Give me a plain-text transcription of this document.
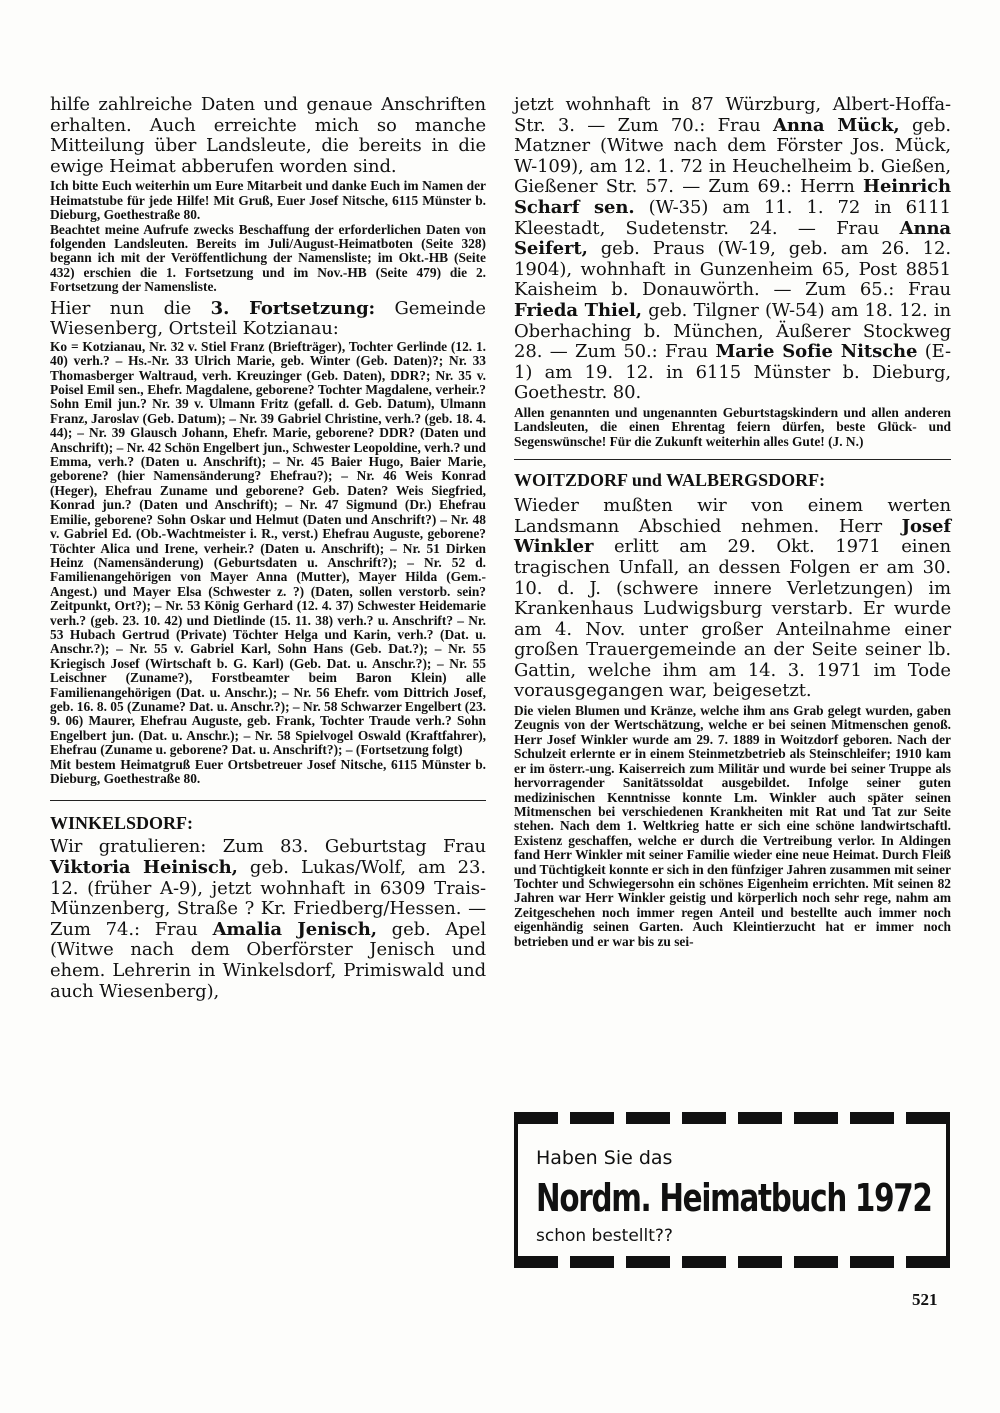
hilfe zahlreiche Daten und genaue Anschriften erhalten. Auch erreichte mich so manche Mitteilung über Landsleute, die bereits in die ewige Heimat abberufen worden sind.

Ich bitte Euch weiterhin um Eure Mitarbeit und danke Euch im Namen der Heimatstube für jede Hilfe! Mit Gruß, Euer Josef Nitsche, 6115 Münster b. Dieburg, Goethestraße 80.

Beachtet meine Aufrufe zwecks Beschaffung der erforderlichen Daten von folgenden Landsleuten. Bereits im Juli/August-Heimatboten (Seite 328) begann ich mit der Veröffentlichung der Namensliste; im Okt.-HB (Seite 432) erschien die 1. Fortsetzung und im Nov.-HB (Seite 479) die 2. Fortsetzung der Namensliste.

Hier nun die 3. Fortsetzung: Gemeinde Wiesenberg, Ortsteil Kotzianau:

Ko = Kotzianau, Nr. 32 v. Stiel Franz (Briefträger), Tochter Gerlinde (12. 1. 40) verh.? – Hs.-Nr. 33 Ulrich Marie, geb. Winter (Geb. Daten)?; Nr. 33 Thomasberger Waltraud, verh. Kreuzinger (Geb. Daten), DDR?; Nr. 35 v. Poisel Emil sen., Ehefr. Magdalene, geborene? Tochter Magdalene, verheir.? Sohn Emil jun.? Nr. 39 v. Ulmann Fritz (gefall. d. Geb. Datum), Ulmann Franz, Jaroslav (Geb. Datum); – Nr. 39 Gabriel Christine, verh.? (geb. 18. 4. 44); – Nr. 39 Glausch Johann, Ehefr. Marie, geborene? DDR? (Daten und Anschrift); – Nr. 42 Schön Engelbert jun., Schwester Leopoldine, verh.? und Emma, verh.? (Daten u. Anschrift); – Nr. 45 Baier Hugo, Baier Marie, geborene? (hier Namensänderung? Ehefrau?); – Nr. 46 Weis Konrad (Heger), Ehefrau Zuname und geborene? Geb. Daten? Weis Siegfried, Konrad jun.? (Daten und Anschrift); – Nr. 47 Sigmund (Dr.) Ehefrau Emilie, geborene? Sohn Oskar und Helmut (Daten und Anschrift?) – Nr. 48 v. Gabriel Ed. (Ob.-Wachtmeister i. R., verst.) Ehefrau Auguste, geborene? Töchter Alica und Irene, verheir.? (Daten u. Anschrift); – Nr. 51 Dirken Heinz (Namensänderung) (Geburtsdaten u. Anschrift?); – Nr. 52 d. Familienangehörigen von Mayer Anna (Mutter), Mayer Hilda (Gem.-Angest.) und Mayer Elsa (Schwester z. ?) (Daten, sollen verstorb. sein? Zeitpunkt, Ort?); – Nr. 53 König Gerhard (12. 4. 37) Schwester Heidemarie verh.? (geb. 23. 10. 42) und Dietlinde (15. 11. 38) verh.? u. Anschrift? – Nr. 53 Hubach Gertrud (Private) Töchter Helga und Karin, verh.? (Dat. u. Anschr.?); – Nr. 55 v. Gabriel Karl, Sohn Hans (Geb. Dat.?); – Nr. 55 Kriegisch Josef (Wirtschaft b. G. Karl) (Geb. Dat. u. Anschr.?); – Nr. 55 Leischner (Zuname?), Forstbeamter beim Baron Klein) alle Familienangehörigen (Dat. u. Anschr.); – Nr. 56 Ehefr. vom Dittrich Josef, geb. 16. 8. 05 (Zuname? Dat. u. Anschr.?); – Nr. 58 Schwarzer Engelbert (23. 9. 06) Maurer, Ehefrau Auguste, geb. Frank, Tochter Traude verh.? Sohn Engelbert jun. (Dat. u. Anschr.); – Nr. 58 Spielvogel Oswald (Kraftfahrer), Ehefrau (Zuname u. geborene? Dat. u. Anschrift?); – (Fortsetzung folgt)

Mit bestem Heimatgruß Euer Ortsbetreuer Josef Nitsche, 6115 Münster b. Dieburg, Goethestraße 80.

WINKELSDORF:

Wir gratulieren: Zum 83. Geburtstag Frau Viktoria Heinisch, geb. Lukas/Wolf, am 23. 12. (früher A-9), jetzt wohnhaft in 6309 Trais-Münzenberg, Straße ? Kr. Friedberg/Hessen. — Zum 74.: Frau Amalia Jenisch, geb. Apel (Witwe nach dem Oberförster Jenisch und ehem. Lehrerin in Winkelsdorf, Primiswald und auch Wiesenberg),

jetzt wohnhaft in 87 Würzburg, Albert-Hoffa-Str. 3. — Zum 70.: Frau Anna Mück, geb. Matzner (Witwe nach dem Förster Jos. Mück, W-109), am 12. 1. 72 in Heuchelheim b. Gießen, Gießener Str. 57. — Zum 69.: Herrn Heinrich Scharf sen. (W-35) am 11. 1. 72 in 6111 Kleestadt, Sudetenstr. 24. — Frau Anna Seifert, geb. Praus (W-19, geb. am 26. 12. 1904), wohnhaft in Gunzenheim 65, Post 8851 Kaisheim b. Donauwörth. — Zum 65.: Frau Frieda Thiel, geb. Tilgner (W-54) am 18. 12. in Oberhaching b. München, Äußerer Stockweg 28. — Zum 50.: Frau Marie Sofie Nitsche (E-1) am 19. 12. in 6115 Münster b. Dieburg, Goethestr. 80.

Allen genannten und ungenannten Geburtstagskindern und allen anderen Landsleuten, die einen Ehrentag feiern dürfen, beste Glück- und Segenswünsche! Für die Zukunft weiterhin alles Gute! (J. N.)

WOITZDORF und WALBERGSDORF:

Wieder mußten wir von einem werten Landsmann Abschied nehmen. Herr Josef Winkler erlitt am 29. Okt. 1971 einen tragischen Unfall, an dessen Folgen er am 30. 10. d. J. (schwere innere Verletzungen) im Krankenhaus Ludwigsburg verstarb. Er wurde am 4. Nov. unter großer Anteilnahme einer großen Trauergemeinde an der Seite seiner lb. Gattin, welche ihm am 14. 3. 1971 im Tode vorausgegangen war, beigesetzt.

Die vielen Blumen und Kränze, welche ihm ans Grab gelegt wurden, gaben Zeugnis von der Wertschätzung, welche er bei seinen Mitmenschen genoß. Herr Josef Winkler wurde am 29. 7. 1889 in Woitzdorf geboren. Nach der Schulzeit erlernte er in einem Steinmetzbetrieb als Steinschleifer; 1910 kam er im österr.-ung. Kaiserreich zum Militär und wurde bei seiner Truppe als hervorragender Sanitätssoldat ausgebildet. Infolge seiner guten medizinischen Kenntnisse konnte Lm. Winkler auch später seinen Mitmenschen bei verschiedenen Krankheiten mit Rat und Tat zur Seite stehen. Nach dem 1. Weltkrieg hatte er sich eine schöne landwirtschaftl. Existenz geschaffen, welche er durch die Vertreibung verlor. In Aldingen fand Herr Winkler mit seiner Familie wieder eine neue Heimat. Durch Fleiß und Tüchtigkeit konnte er sich in den fünfziger Jahren zusammen mit seiner Tochter und Schwiegersohn ein schönes Eigenheim errichten. Mit seinen 82 Jahren war Herr Winkler geistig und körperlich noch sehr rege, nahm am Zeitgeschehen noch immer regen Anteil und bestellte auch immer noch eigenhändig seinen Garten. Auch Kleintierzucht hat er immer noch betrieben und er war bis zu sei-

Haben Sie das
Nordm. Heimatbuch 1972
schon bestellt??
521
